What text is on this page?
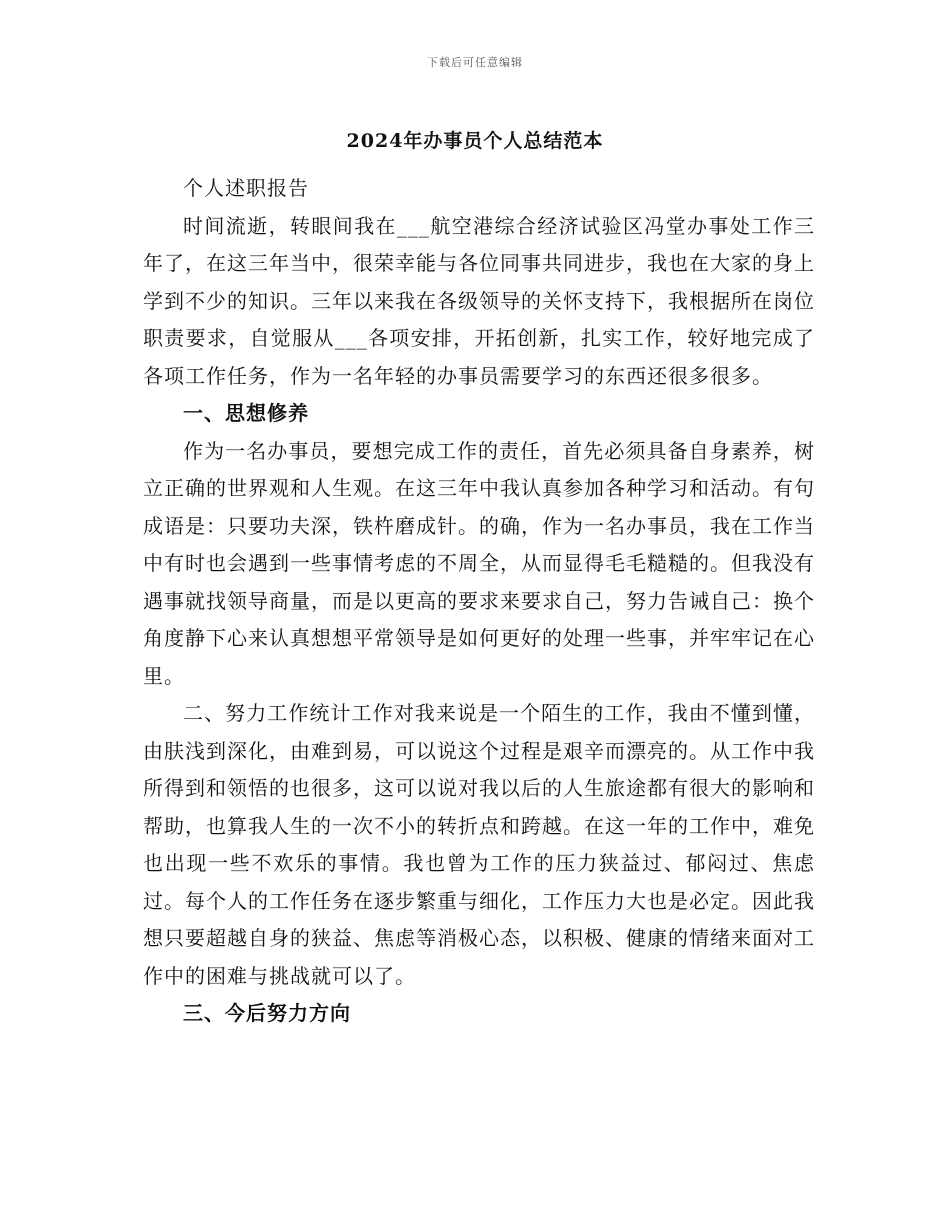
下载后可任意编辑
2024年办事员个人总结范本

个人述职报告

时间流逝，转眼间我在___航空港综合经济试验区冯堂办事处工作三年了，在这三年当中，很荣幸能与各位同事共同进步，我也在大家的身上学到不少的知识。三年以来我在各级领导的关怀支持下，我根据所在岗位职责要求，自觉服从___各项安排，开拓创新，扎实工作，较好地完成了各项工作任务，作为一名年轻的办事员需要学习的东西还很多很多。

一、思想修养

作为一名办事员，要想完成工作的责任，首先必须具备自身素养，树立正确的世界观和人生观。在这三年中我认真参加各种学习和活动。有句成语是：只要功夫深，铁杵磨成针。的确，作为一名办事员，我在工作当中有时也会遇到一些事情考虑的不周全，从而显得毛毛糙糙的。但我没有遇事就找领导商量，而是以更高的要求来要求自己，努力告诫自己：换个角度静下心来认真想想平常领导是如何更好的处理一些事，并牢牢记在心里。

二、努力工作统计工作对我来说是一个陌生的工作，我由不懂到懂，由肤浅到深化，由难到易，可以说这个过程是艰辛而漂亮的。从工作中我所得到和领悟的也很多，这可以说对我以后的人生旅途都有很大的影响和帮助，也算我人生的一次不小的转折点和跨越。在这一年的工作中，难免也出现一些不欢乐的事情。我也曾为工作的压力狭益过、郁闷过、焦虑过。每个人的工作任务在逐步繁重与细化，工作压力大也是必定。因此我想只要超越自身的狭益、焦虑等消极心态，以积极、健康的情绪来面对工作中的困难与挑战就可以了。

三、今后努力方向
